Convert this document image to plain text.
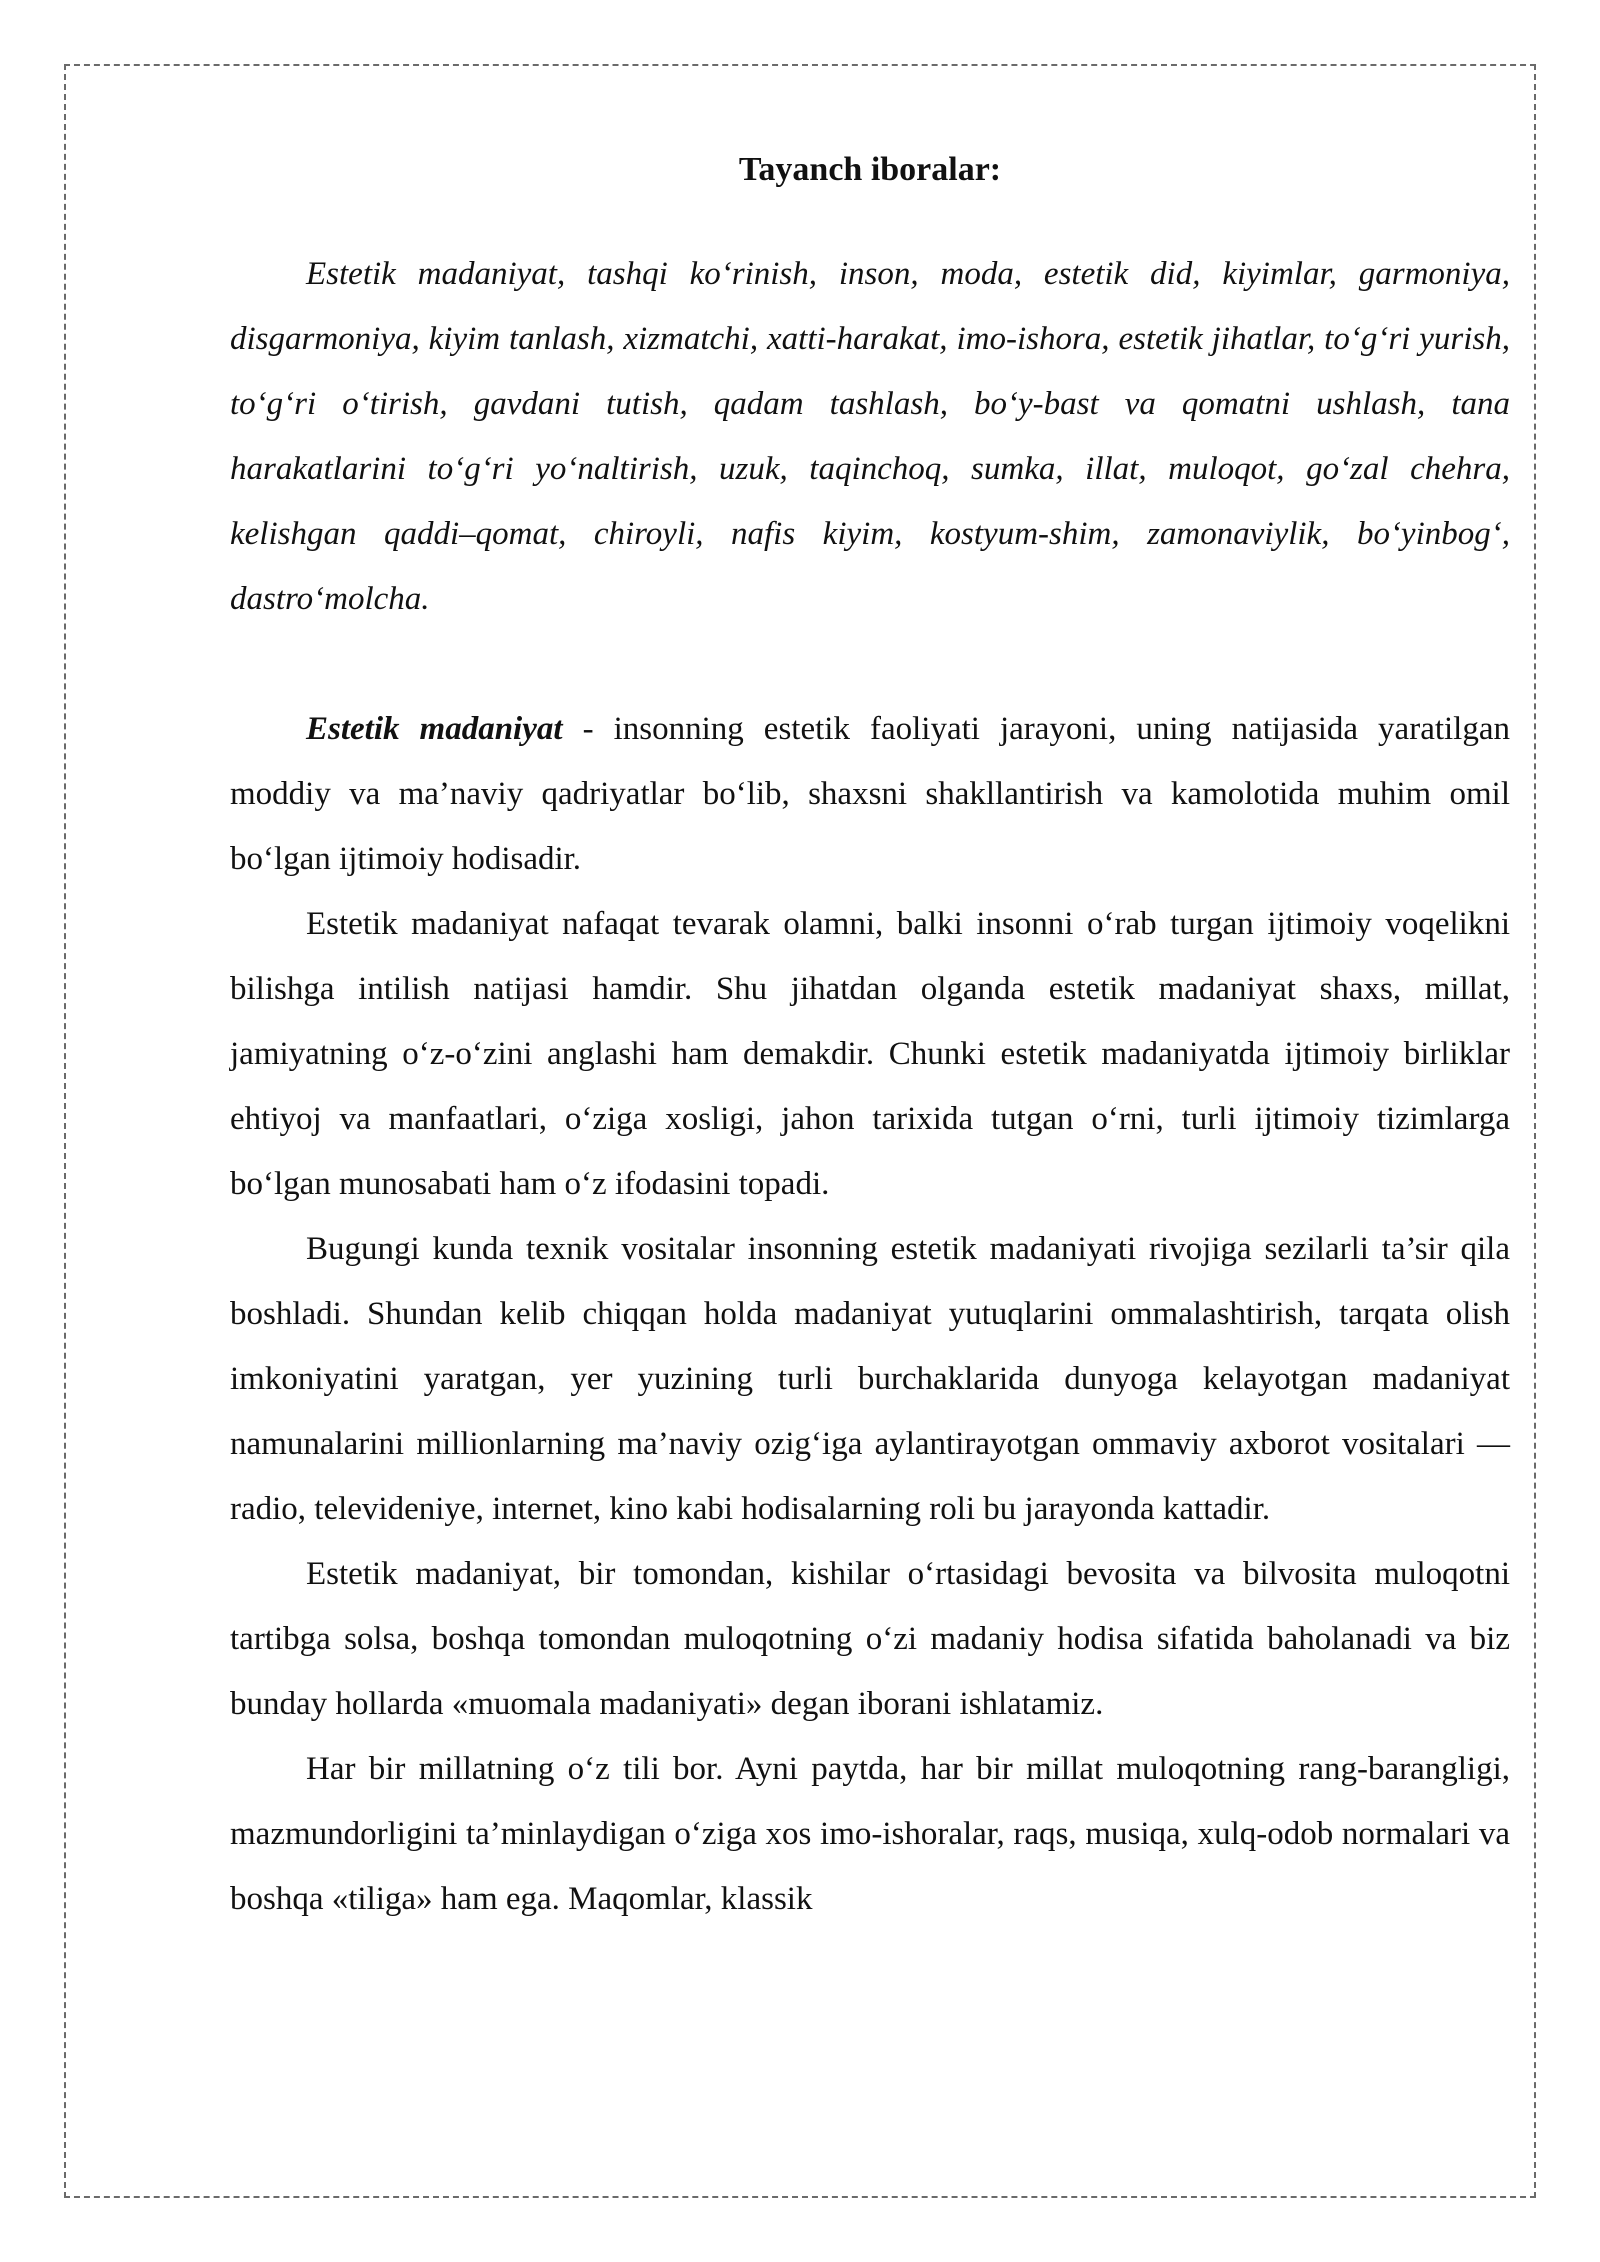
Tayanch iboralar:

Estetik madaniyat, tashqi ko‘rinish, inson, moda, estetik did, kiyimlar, garmoniya, disgarmoniya, kiyim tanlash, xizmatchi, xatti-harakat, imo-ishora, estetik jihatlar, to‘g‘ri yurish, to‘g‘ri o‘tirish, gavdani tutish, qadam tashlash, bo‘y-bast va qomatni ushlash, tana harakatlarini to‘g‘ri yo‘naltirish, uzuk, taqinchoq, sumka, illat, muloqot, go‘zal chehra, kelishgan qaddi–qomat, chiroyli, nafis kiyim, kostyum-shim, zamonaviylik, bo‘yinbog‘, dastro‘molcha.

Estetik madaniyat - insonning estetik faoliyati jarayoni, uning natijasida yaratilgan moddiy va ma’naviy qadriyatlar bo‘lib, shaxsni shakllantirish va kamolotida muhim omil bo‘lgan ijtimoiy hodisadir.

Estetik madaniyat nafaqat tevarak olamni, balki insonni o‘rab turgan ijtimoiy voqelikni bilishga intilish natijasi hamdir. Shu jihatdan olganda estetik madaniyat shaxs, millat, jamiyatning o‘z-o‘zini anglashi ham demakdir. Chunki estetik madaniyatda ijtimoiy birliklar ehtiyoj va manfaatlari, o‘ziga xosligi, jahon tarixida tutgan o‘rni, turli ijtimoiy tizimlarga bo‘lgan munosabati ham o‘z ifodasini topadi.

Bugungi kunda texnik vositalar insonning estetik madaniyati rivojiga sezilarli ta’sir qila boshladi. Shundan kelib chiqqan holda madaniyat yutuqlarini ommalashtirish, tarqata olish imkoniyatini yaratgan, yer yuzining turli burchaklarida dunyoga kelayotgan madaniyat namunalarini millionlarning ma’naviy ozig‘iga aylantirayotgan ommaviy axborot vositalari — radio, televideniye, internet, kino kabi hodisalarning roli bu jarayonda kattadir.

Estetik madaniyat, bir tomondan, kishilar o‘rtasidagi bevosita va bilvosita muloqotni tartibga solsa, boshqa tomondan muloqotning o‘zi madaniy hodisa sifatida baholanadi va biz bunday hollarda «muomala madaniyati» degan iborani ishlatamiz.

Har bir millatning o‘z tili bor. Ayni paytda, har bir millat muloqotning rang-barangligi, mazmundorligini ta’minlaydigan o‘ziga xos imo-ishoralar, raqs, musiqa, xulq-odob normalari va boshqa «tiliga» ham ega. Maqomlar, klassik
